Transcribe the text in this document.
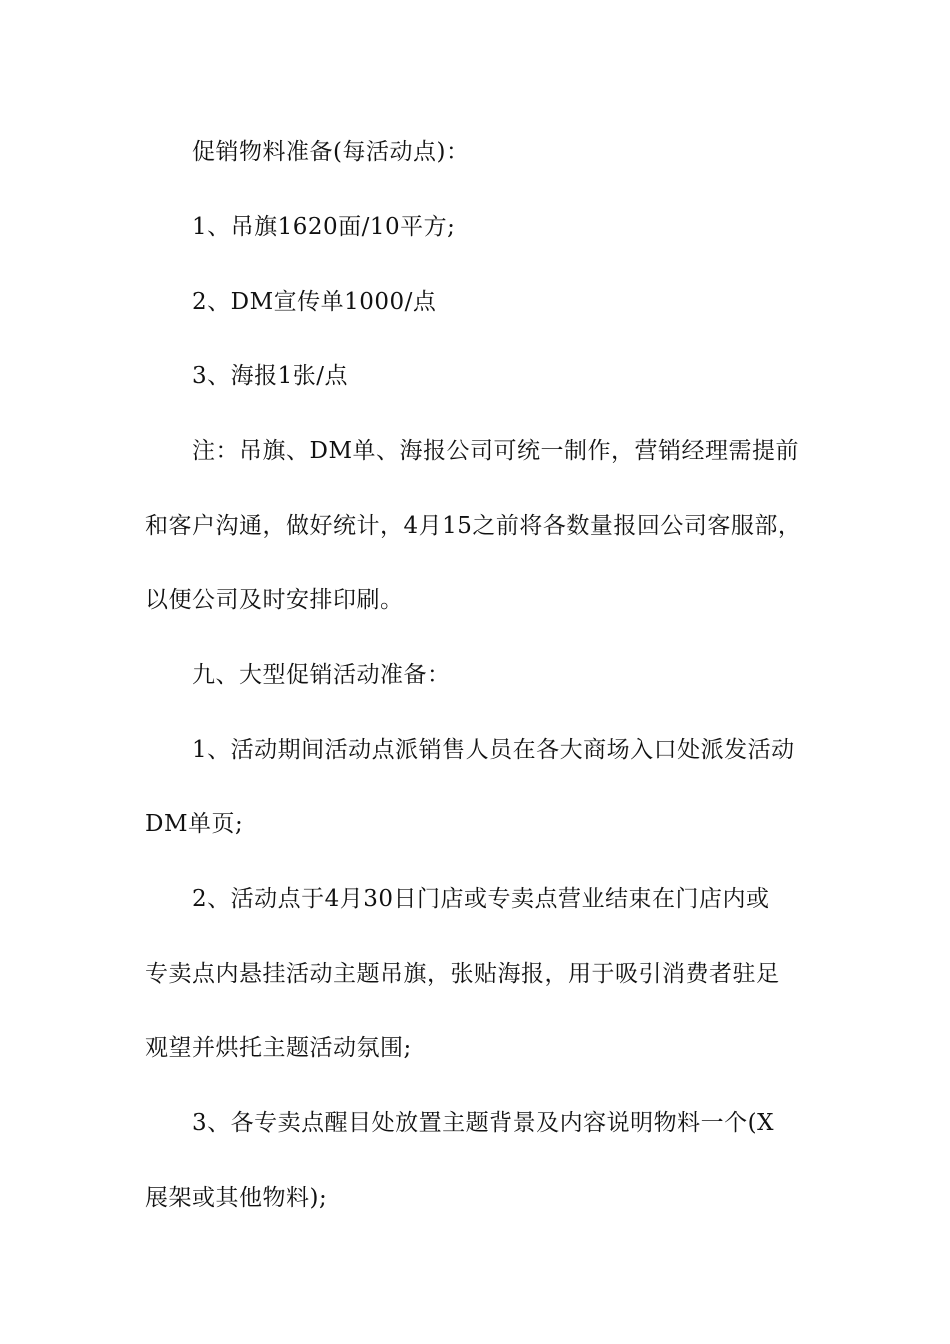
促销物料准备(每活动点)：
1、吊旗1620面/10平方;
2、DM宣传单1000/点
3、海报1张/点
注：吊旗、DM单、海报公司可统一制作，营销经理需提前
和客户沟通，做好统计，4月15之前将各数量报回公司客服部，
以便公司及时安排印刷。
九、大型促销活动准备：
1、活动期间活动点派销售人员在各大商场入口处派发活动
DM单页;
2、活动点于4月30日门店或专卖点营业结束在门店内或
专卖点内悬挂活动主题吊旗，张贴海报，用于吸引消费者驻足
观望并烘托主题活动氛围;
3、各专卖点醒目处放置主题背景及内容说明物料一个(X
展架或其他物料);
